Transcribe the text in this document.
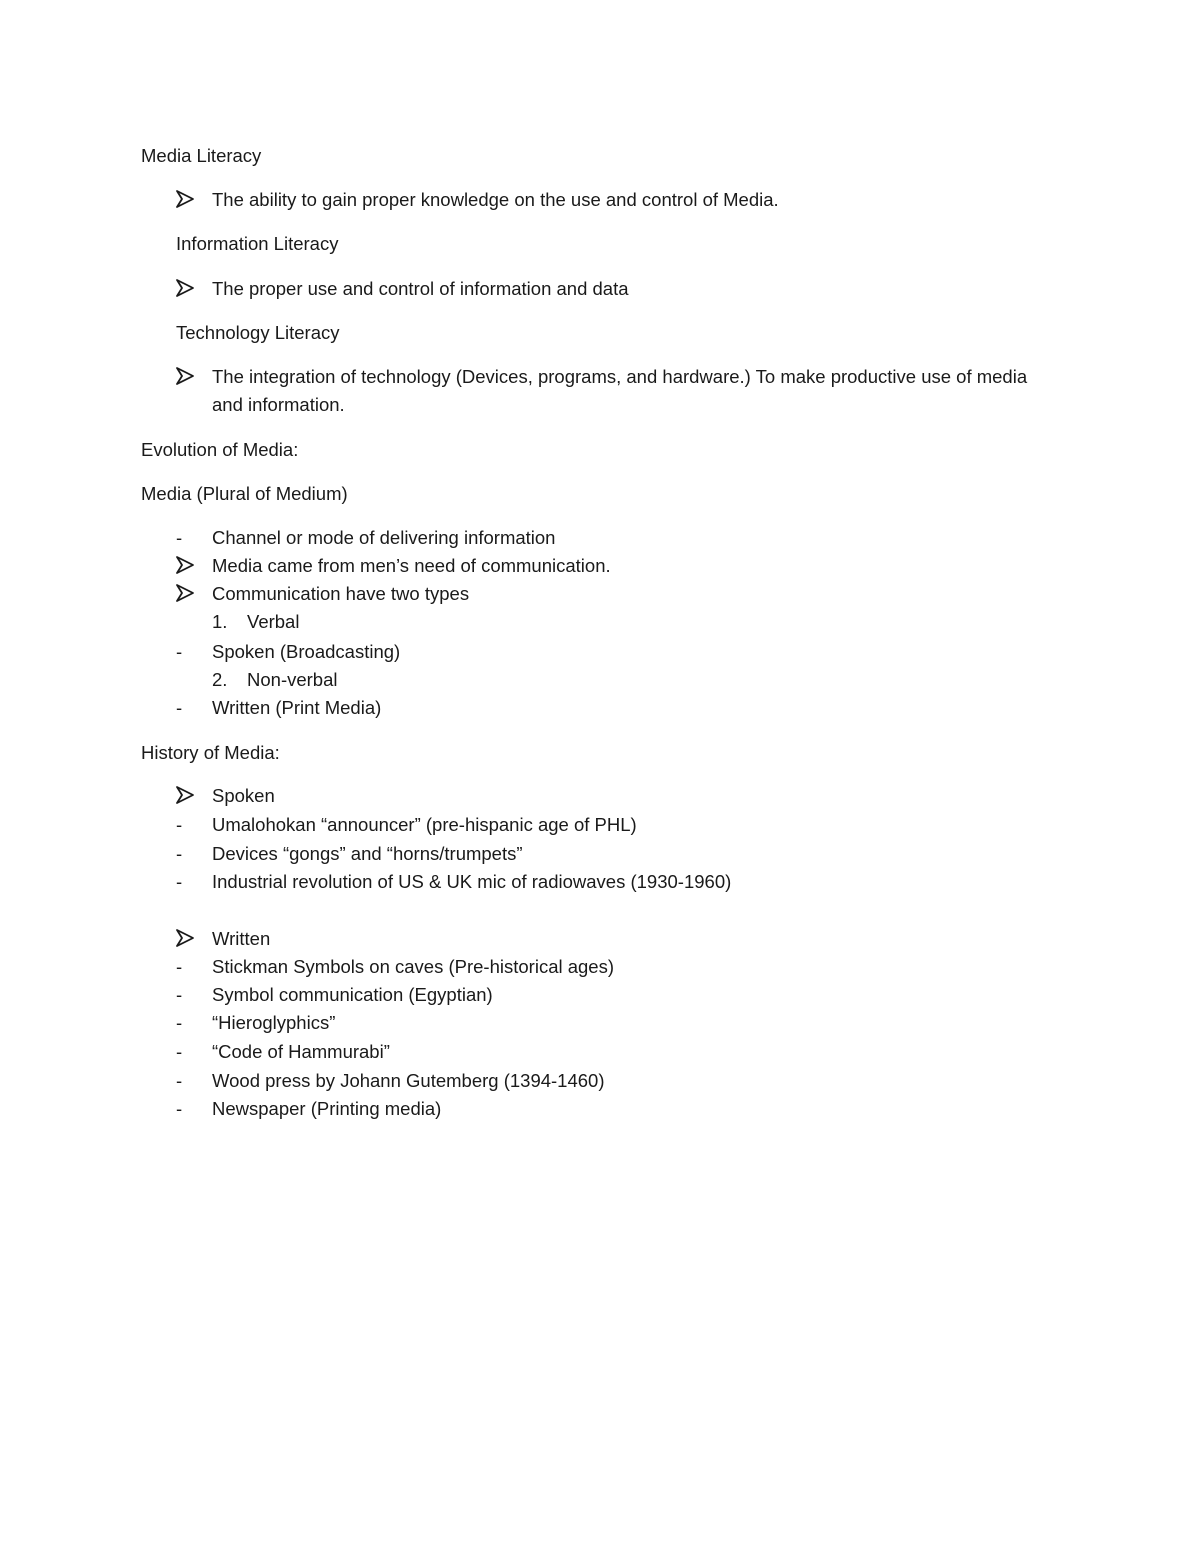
Media Literacy
The ability to gain proper knowledge on the use and control of Media.
Information Literacy
The proper use and control of information and data
Technology Literacy
The integration of technology (Devices, programs, and hardware.) To make productive use of media and information.
Evolution of Media:
Media (Plural of Medium)
- Channel or mode of delivering information
Media came from men’s need of communication.
Communication have two types
1. Verbal
- Spoken (Broadcasting)
2. Non-verbal
- Written (Print Media)
History of Media:
Spoken
- Umalohokan “announcer” (pre-hispanic age of PHL)
- Devices “gongs” and “horns/trumpets”
- Industrial revolution of US & UK mic of radiowaves (1930-1960)
Written
- Stickman Symbols on caves (Pre-historical ages)
- Symbol communication (Egyptian)
- “Hieroglyphics”
- “Code of Hammurabi”
- Wood press by Johann Gutemberg (1394-1460)
- Newspaper (Printing media)
